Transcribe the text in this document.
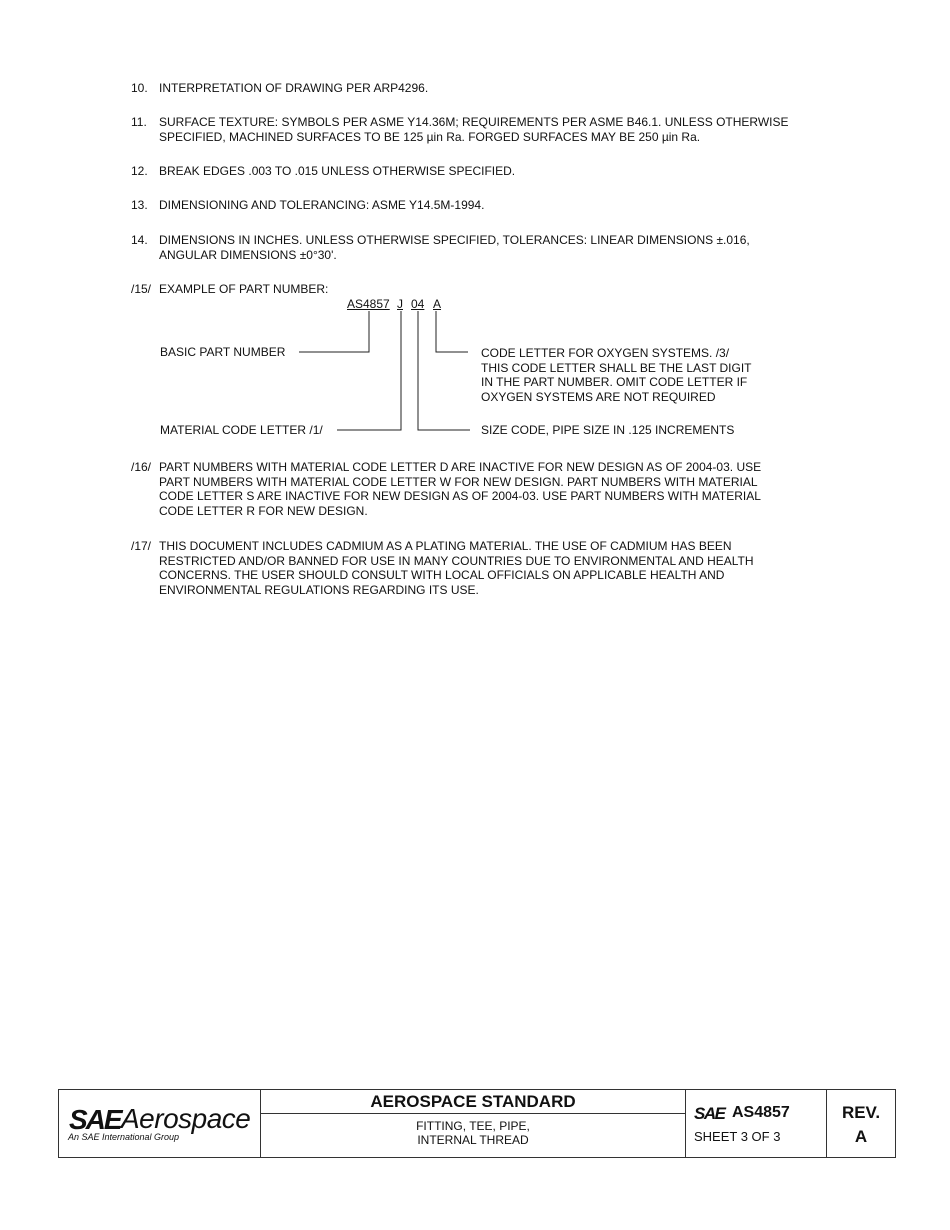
10. INTERPRETATION OF DRAWING PER ARP4296.
11. SURFACE TEXTURE: SYMBOLS PER ASME Y14.36M; REQUIREMENTS PER ASME B46.1. UNLESS OTHERWISE
SPECIFIED, MACHINED SURFACES TO BE 125 µin Ra. FORGED SURFACES MAY BE 250 µin Ra.
12. BREAK EDGES .003 TO .015 UNLESS OTHERWISE SPECIFIED.
13. DIMENSIONING AND TOLERANCING: ASME Y14.5M-1994.
14. DIMENSIONS IN INCHES. UNLESS OTHERWISE SPECIFIED, TOLERANCES: LINEAR DIMENSIONS ±.016,
ANGULAR DIMENSIONS ±0°30'.
/15/ EXAMPLE OF PART NUMBER:
AS4857 J 04 A
BASIC PART NUMBER
MATERIAL CODE LETTER /1/
CODE LETTER FOR OXYGEN SYSTEMS. /3/
THIS CODE LETTER SHALL BE THE LAST DIGIT
IN THE PART NUMBER. OMIT CODE LETTER IF
OXYGEN SYSTEMS ARE NOT REQUIRED
SIZE CODE, PIPE SIZE IN .125 INCREMENTS
/16/ PART NUMBERS WITH MATERIAL CODE LETTER D ARE INACTIVE FOR NEW DESIGN AS OF 2004-03. USE
PART NUMBERS WITH MATERIAL CODE LETTER W FOR NEW DESIGN. PART NUMBERS WITH MATERIAL
CODE LETTER S ARE INACTIVE FOR NEW DESIGN AS OF 2004-03. USE PART NUMBERS WITH MATERIAL
CODE LETTER R FOR NEW DESIGN.
/17/ THIS DOCUMENT INCLUDES CADMIUM AS A PLATING MATERIAL. THE USE OF CADMIUM HAS BEEN
RESTRICTED AND/OR BANNED FOR USE IN MANY COUNTRIES DUE TO ENVIRONMENTAL AND HEALTH
CONCERNS. THE USER SHOULD CONSULT WITH LOCAL OFFICIALS ON APPLICABLE HEALTH AND
ENVIRONMENTAL REGULATIONS REGARDING ITS USE.
SAE Aerospace
An SAE International Group
AEROSPACE STANDARD
FITTING, TEE, PIPE,
INTERNAL THREAD
SAE AS4857
SHEET 3 OF 3
REV.
A
